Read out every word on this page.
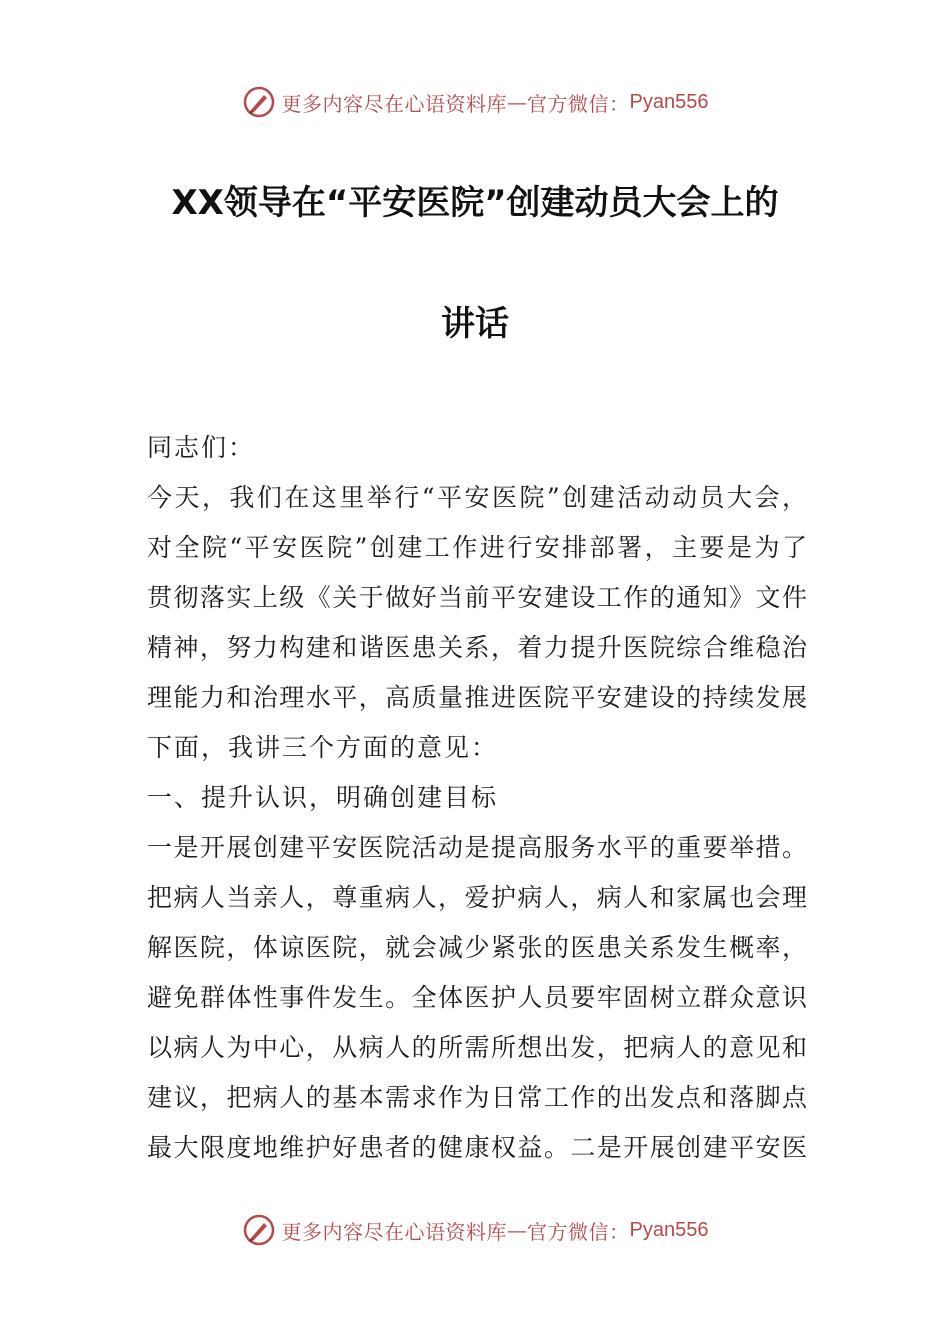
更多内容尽在心语资料库 — 官方微信： Pyan556
XX领导在“平安医院”创建动员大会上的
讲话
同志们：
今天，我们在这里举行“平安医院”创建活动动员大会，
对全院“平安医院”创建工作进行安排部署，主要是为了
贯彻落实上级《关于做好当前平安建设工作的通知》文件
精神，努力构建和谐医患关系，着力提升医院综合维稳治
理能力和治理水平，高质量推进医院平安建设的持续发展
下面，我讲三个方面的意见：
一、提升认识，明确创建目标
一是开展创建平安医院活动是提高服务水平的重要举措。
把病人当亲人，尊重病人，爱护病人，病人和家属也会理
解医院，体谅医院，就会减少紧张的医患关系发生概率，
避免群体性事件发生。全体医护人员要牢固树立群众意识
以病人为中心，从病人的所需所想出发，把病人的意见和
建议，把病人的基本需求作为日常工作的出发点和落脚点
最大限度地维护好患者的健康权益。二是开展创建平安医
更多内容尽在心语资料库 — 官方微信： Pyan556
